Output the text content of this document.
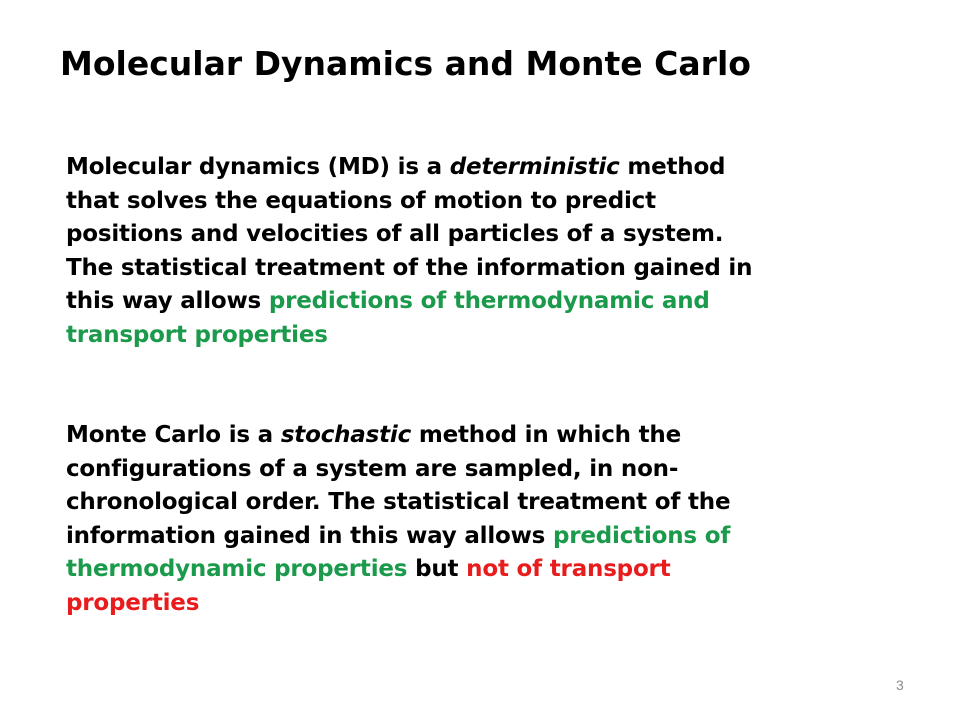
Molecular Dynamics and Monte Carlo
Molecular dynamics (MD) is a deterministic method
that solves the equations of motion to predict
positions and velocities of all particles of a system.
The statistical treatment of the information gained in
this way allows predictions of thermodynamic and
transport properties
Monte Carlo is a stochastic method in which the
configurations of a system are sampled, in non-
chronological order. The statistical treatment of the
information gained in this way allows predictions of
thermodynamic properties but not of transport
properties
3
